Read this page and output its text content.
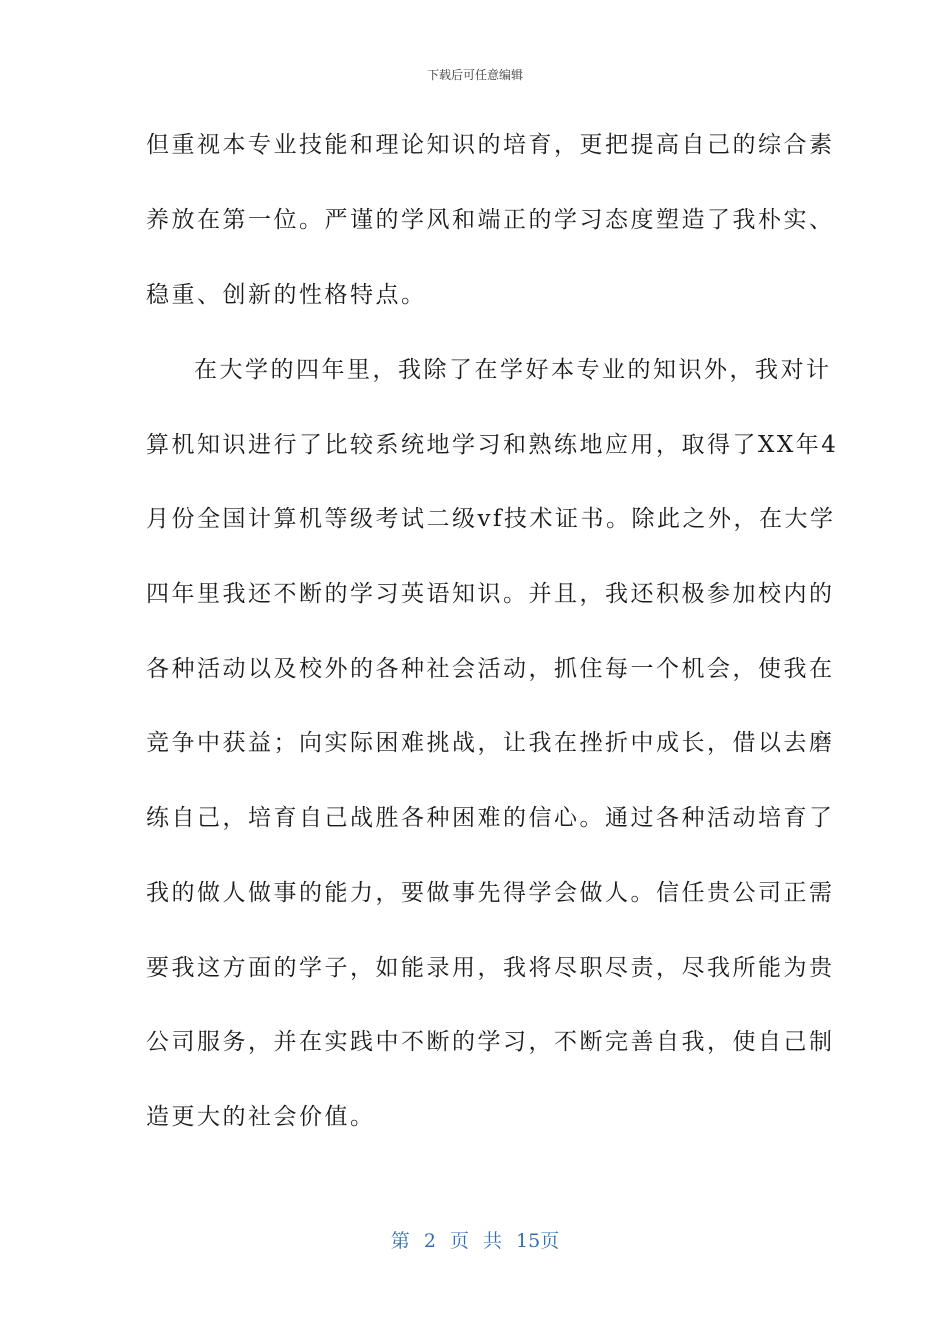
下载后可任意编辑
但重视本专业技能和理论知识的培育，更把提高自己的综合素
养放在第一位。严谨的学风和端正的学习态度塑造了我朴实、
稳重、创新的性格特点。
在大学的四年里，我除了在学好本专业的知识外，我对计
算机知识进行了比较系统地学习和熟练地应用，取得了XX年4
月份全国计算机等级考试二级vf技术证书。除此之外，在大学
四年里我还不断的学习英语知识。并且，我还积极参加校内的
各种活动以及校外的各种社会活动，抓住每一个机会，使我在
竞争中获益；向实际困难挑战，让我在挫折中成长，借以去磨
练自己，培育自己战胜各种困难的信心。通过各种活动培育了
我的做人做事的能力，要做事先得学会做人。信任贵公司正需
要我这方面的学子，如能录用，我将尽职尽责，尽我所能为贵
公司服务，并在实践中不断的学习，不断完善自我，使自己制
造更大的社会价值。
第 2 页 共 15页
